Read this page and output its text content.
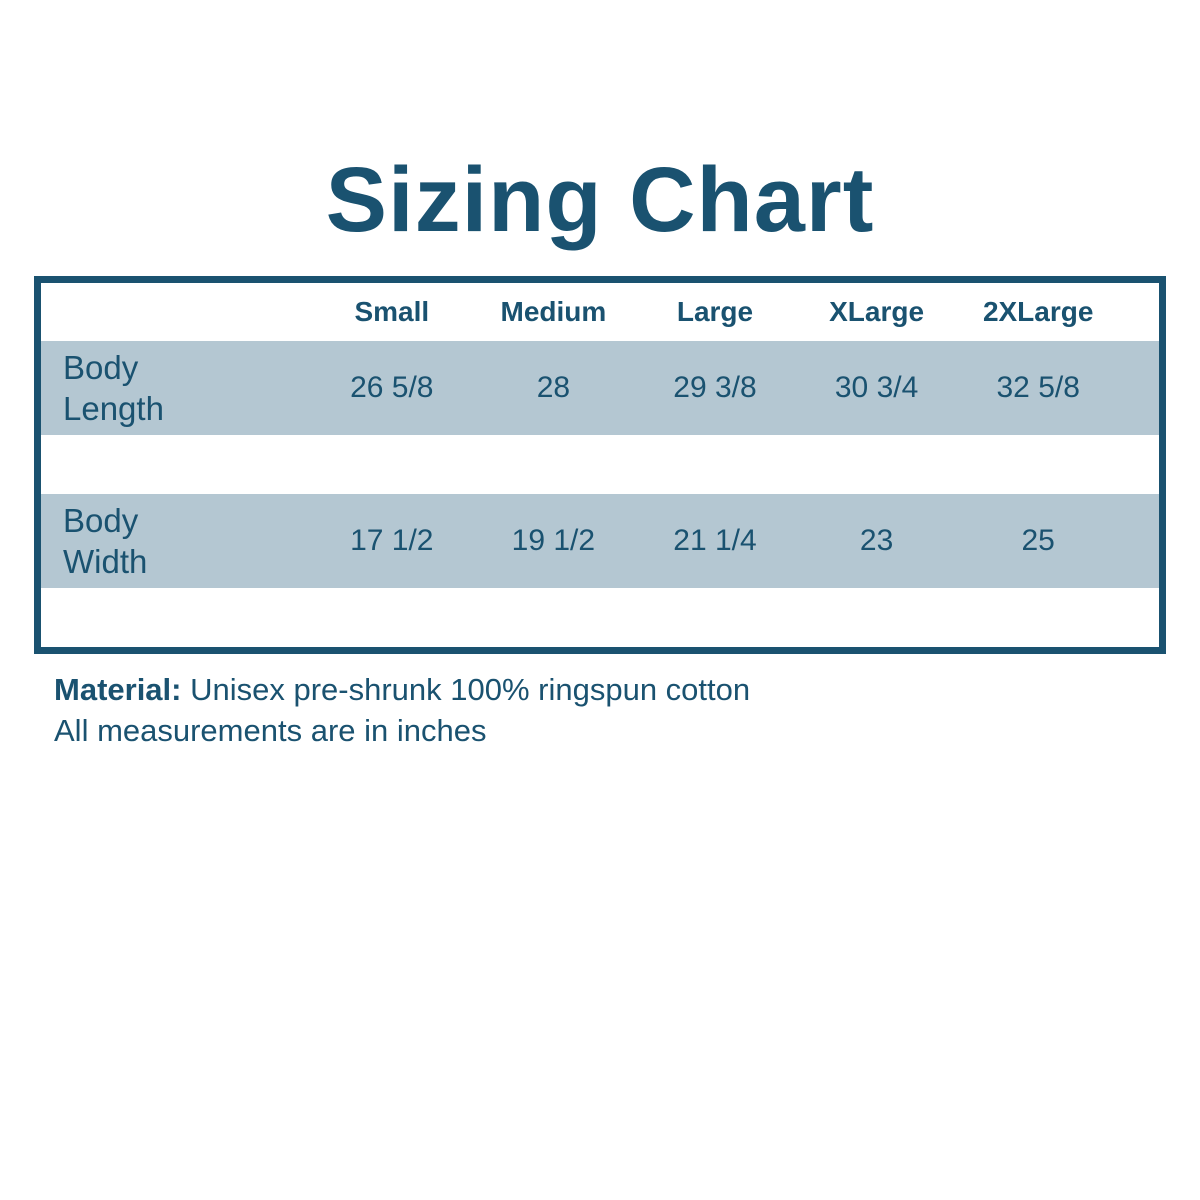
Sizing Chart
Small	Medium	Large	XLarge	2XLarge
Body Length
26 5/8	28	29 3/8	30 3/4	32 5/8
Body Width
17 1/2	19 1/2	21 1/4	23	25

Material: Unisex pre-shrunk 100% ringspun cotton

All measurements are in inches
